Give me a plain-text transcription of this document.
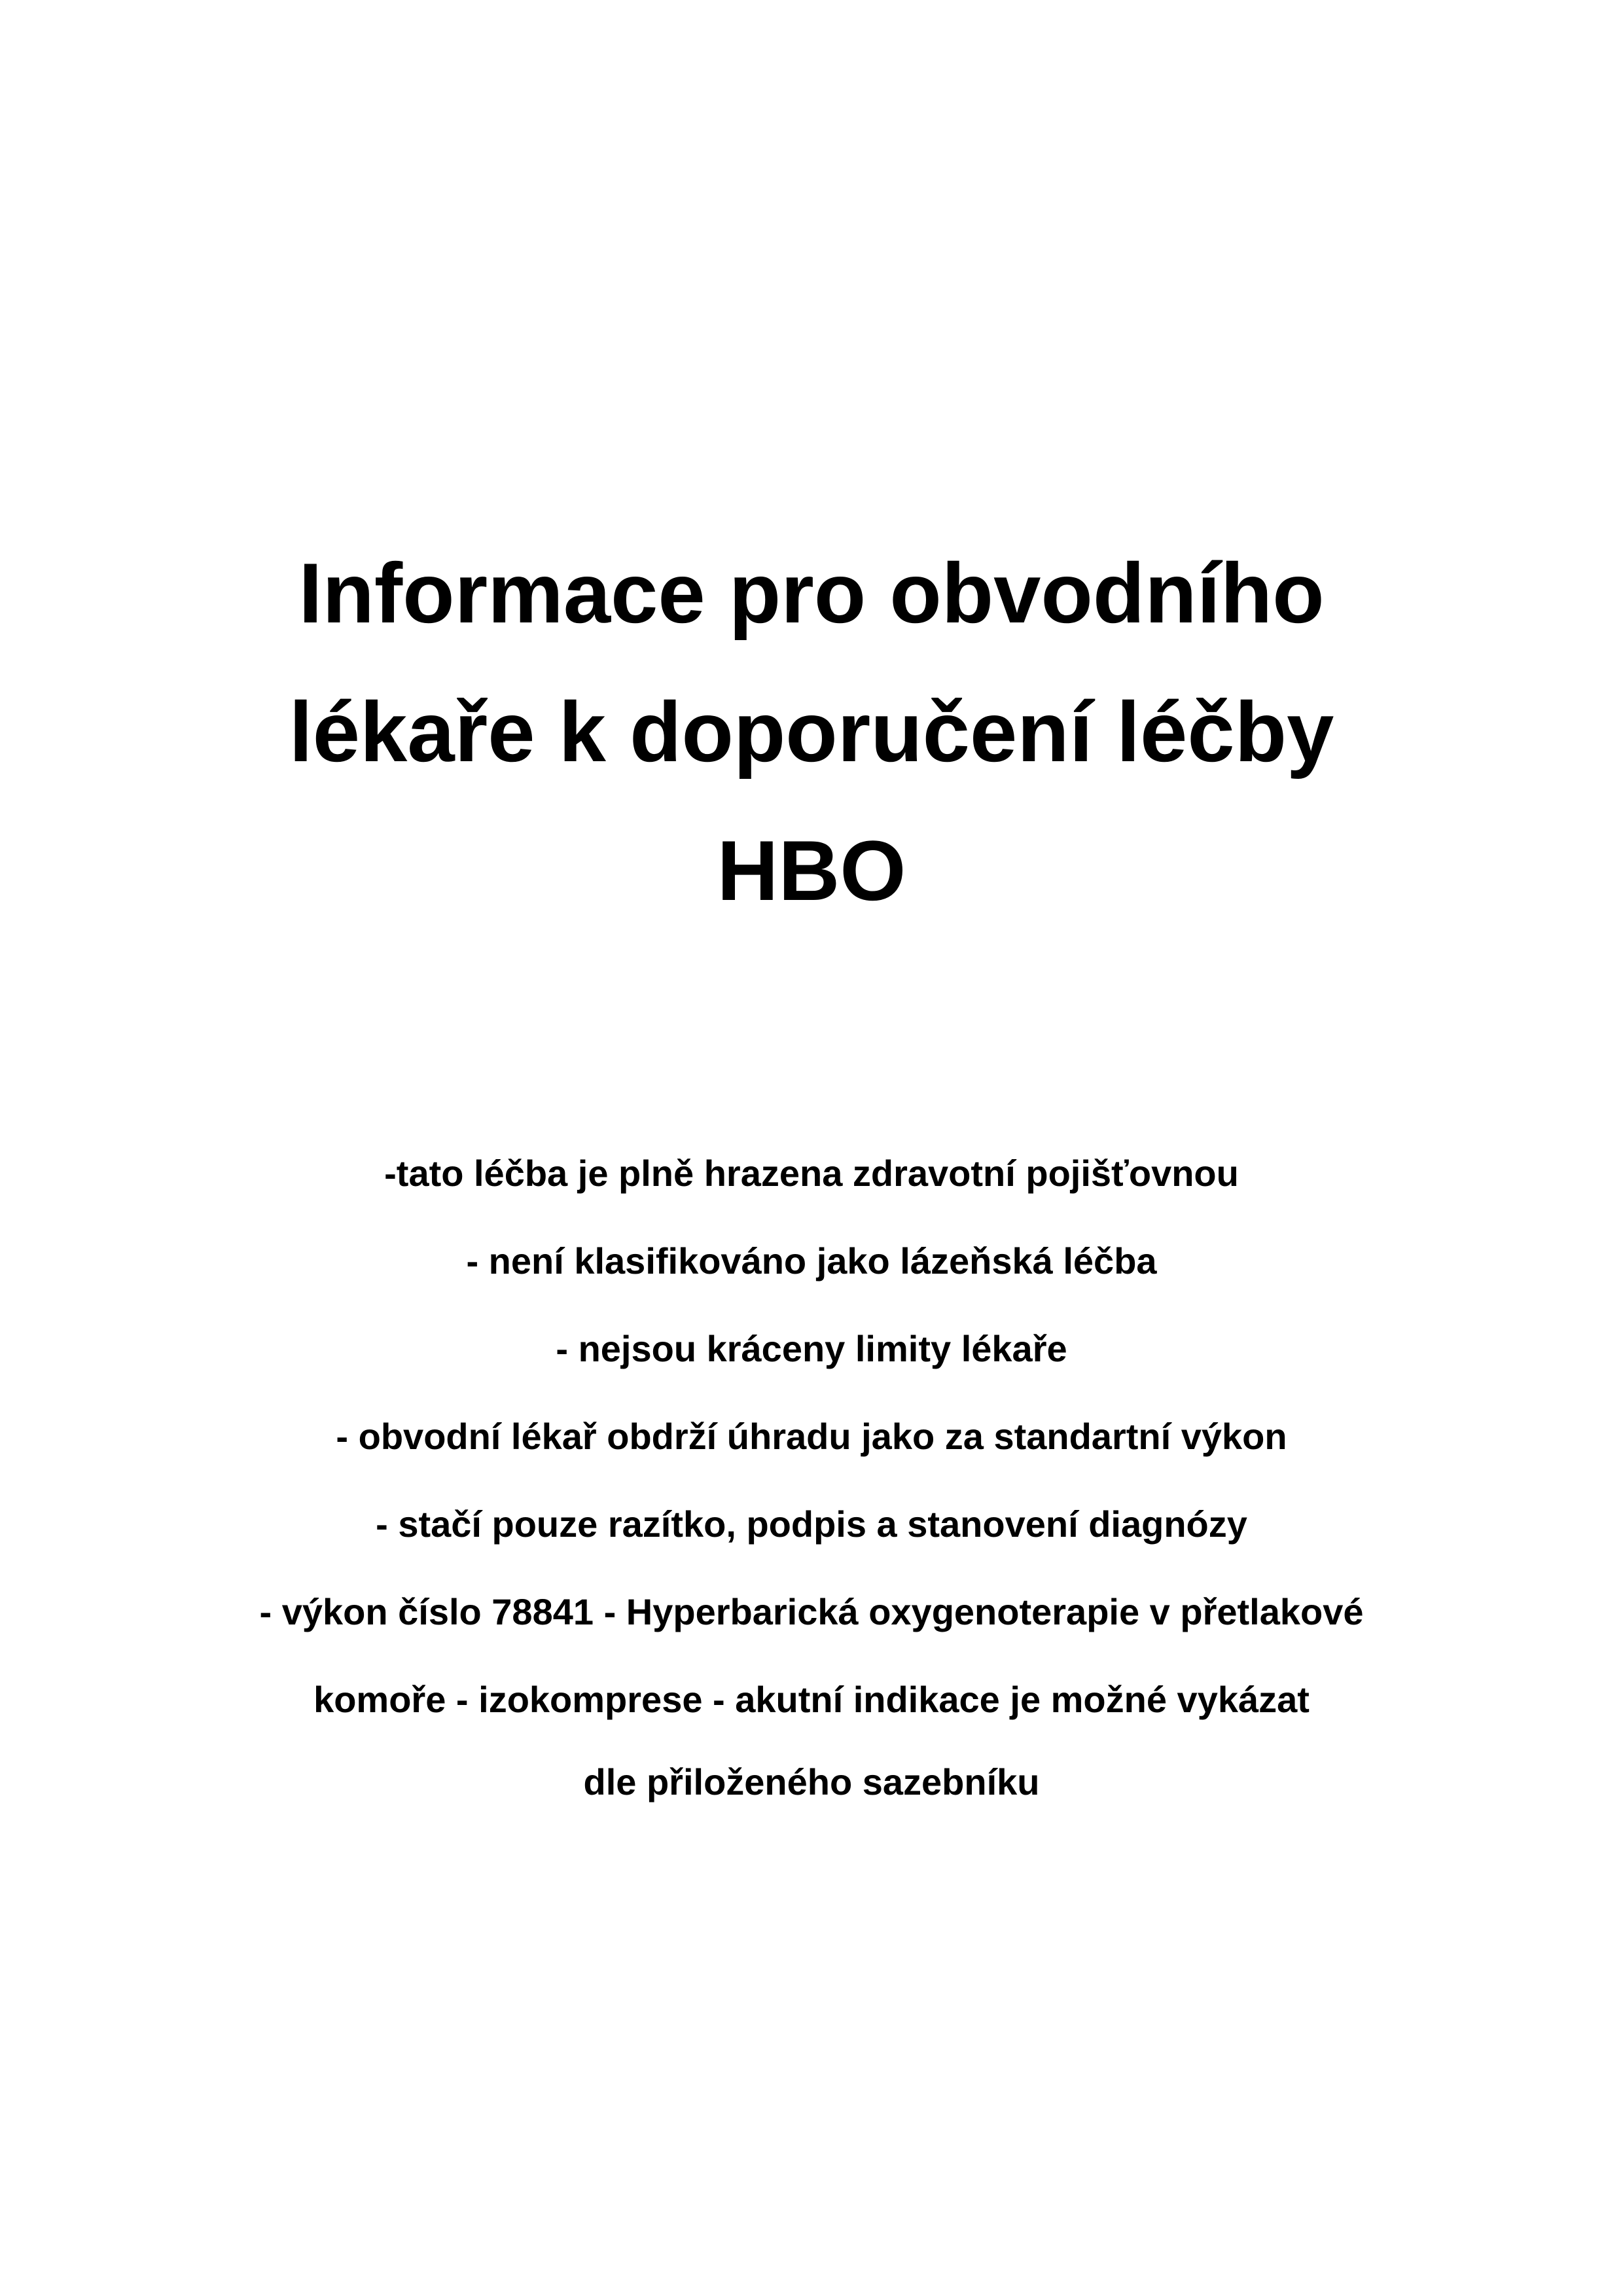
Informace pro obvodního
lékaře k doporučení léčby
HBO
-tato léčba je plně hrazena zdravotní pojišťovnou
- není klasifikováno jako lázeňská léčba
- nejsou kráceny limity lékaře
- obvodní lékař obdrží úhradu jako za standartní výkon
- stačí pouze razítko, podpis a stanovení diagnózy
- výkon číslo 78841 - Hyperbarická oxygenoterapie v přetlakové
komoře - izokomprese - akutní indikace je možné vykázat
dle přiloženého sazebníku
